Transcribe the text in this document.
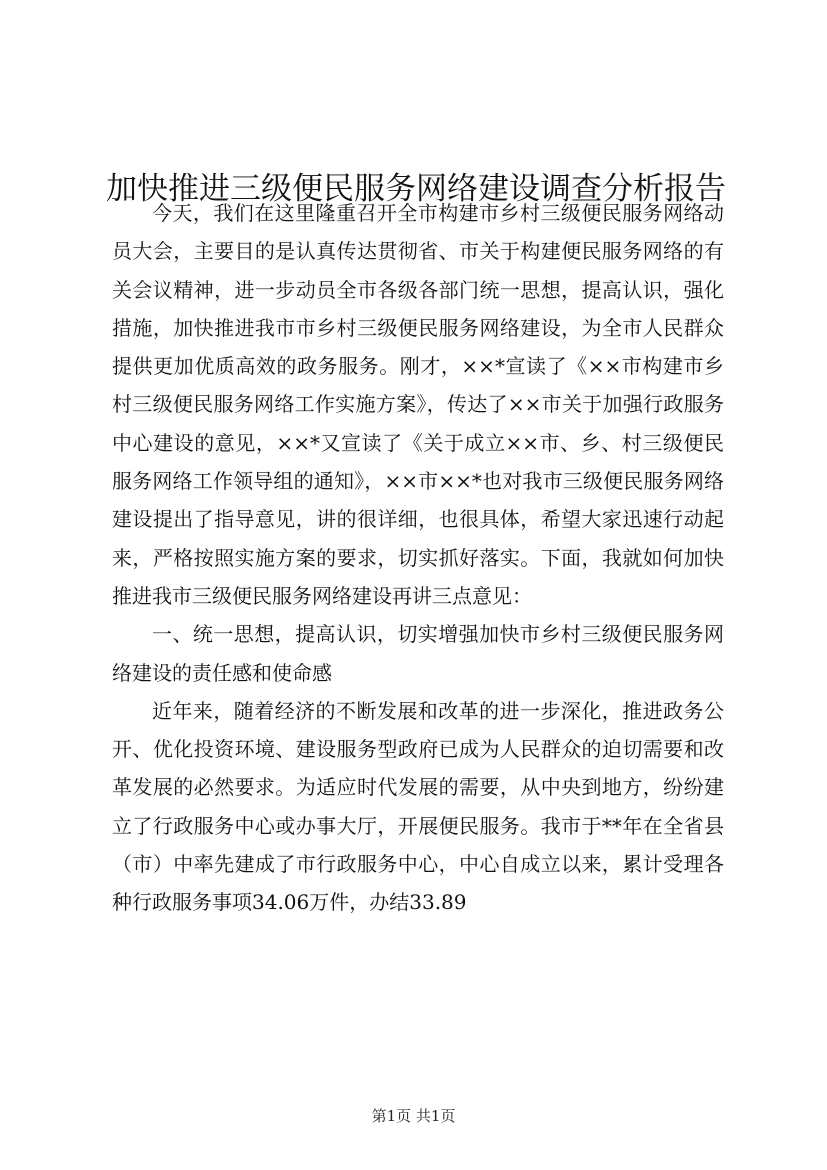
加快推进三级便民服务网络建设调查分析报告

今天，我们在这里隆重召开全市构建市乡村三级便民服务网络动员大会，主要目的是认真传达贯彻省、市关于构建便民服务网络的有关会议精神，进一步动员全市各级各部门统一思想，提高认识，强化措施，加快推进我市市乡村三级便民服务网络建设，为全市人民群众提供更加优质高效的政务服务。刚才，××*宣读了《××市构建市乡村三级便民服务网络工作实施方案》，传达了××市关于加强行政服务中心建设的意见，××*又宣读了《关于成立××市、乡、村三级便民服务网络工作领导组的通知》，××市××*也对我市三级便民服务网络建设提出了指导意见，讲的很详细，也很具体，希望大家迅速行动起来，严格按照实施方案的要求，切实抓好落实。下面，我就如何加快推进我市三级便民服务网络建设再讲三点意见：

一、统一思想，提高认识，切实增强加快市乡村三级便民服务网络建设的责任感和使命感

近年来，随着经济的不断发展和改革的进一步深化，推进政务公开、优化投资环境、建设服务型政府已成为人民群众的迫切需要和改革发展的必然要求。为适应时代发展的需要，从中央到地方，纷纷建立了行政服务中心或办事大厅，开展便民服务。我市于**年在全省县（市）中率先建成了市行政服务中心，中心自成立以来，累计受理各种行政服务事项34.06万件，办结33.89

第1页 共1页
